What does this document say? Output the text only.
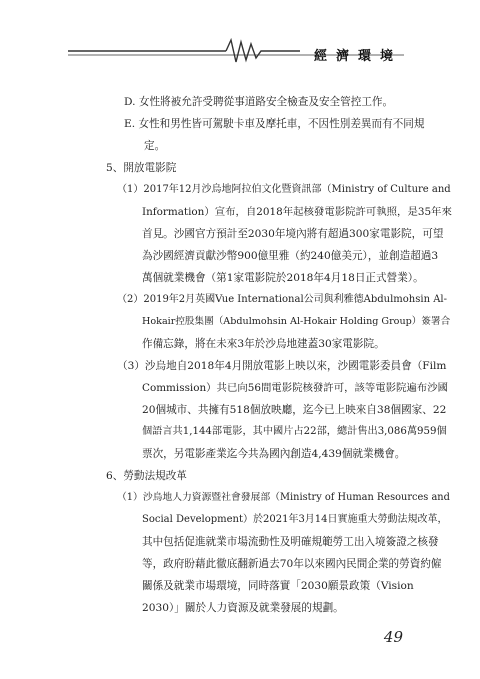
經濟環境
D. 女性將被允許受聘從事道路安全檢查及安全管控工作。
E. 女性和男性皆可駕駛卡車及摩托車，不因性別差異而有不同規
定。
5、開放電影院
（1）2017年12月沙烏地阿拉伯文化暨資訊部（Ministry of Culture and
Information）宣布，自2018年起核發電影院許可執照，是35年來
首見。沙國官方預計至2030年境內將有超過300家電影院，可望
為沙國經濟貢獻沙幣900億里雅（約240億美元），並創造超過3
萬個就業機會（第1家電影院於2018年4月18日正式營業）。
（2）2019年2月英國Vue International公司與利雅德Abdulmohsin Al-
Hokair控股集團（Abdulmohsin Al-Hokair Holding Group）簽署合
作備忘錄，將在未來3年於沙烏地建蓋30家電影院。
（3）沙烏地自2018年4月開放電影上映以來，沙國電影委員會（Film
Commission）共已向56間電影院核發許可，該等電影院遍布沙國
20個城市、共擁有518個放映廳，迄今已上映來自38個國家、22
個語言共1,144部電影，其中國片占22部，總計售出3,086萬959個
票次，另電影產業迄今共為國內創造4,439個就業機會。
6、勞動法規改革
（1）沙烏地人力資源暨社會發展部（Ministry of Human Resources and
Social Development）於2021年3月14日實施重大勞動法規改革，
其中包括促進就業市場流動性及明確規範勞工出入境簽證之核發
等，政府盼藉此徹底翻新過去70年以來國內民間企業的勞資約僱
關係及就業市場環境，同時落實「2030願景政策（Vision
2030）」關於人力資源及就業發展的規劃。
49
